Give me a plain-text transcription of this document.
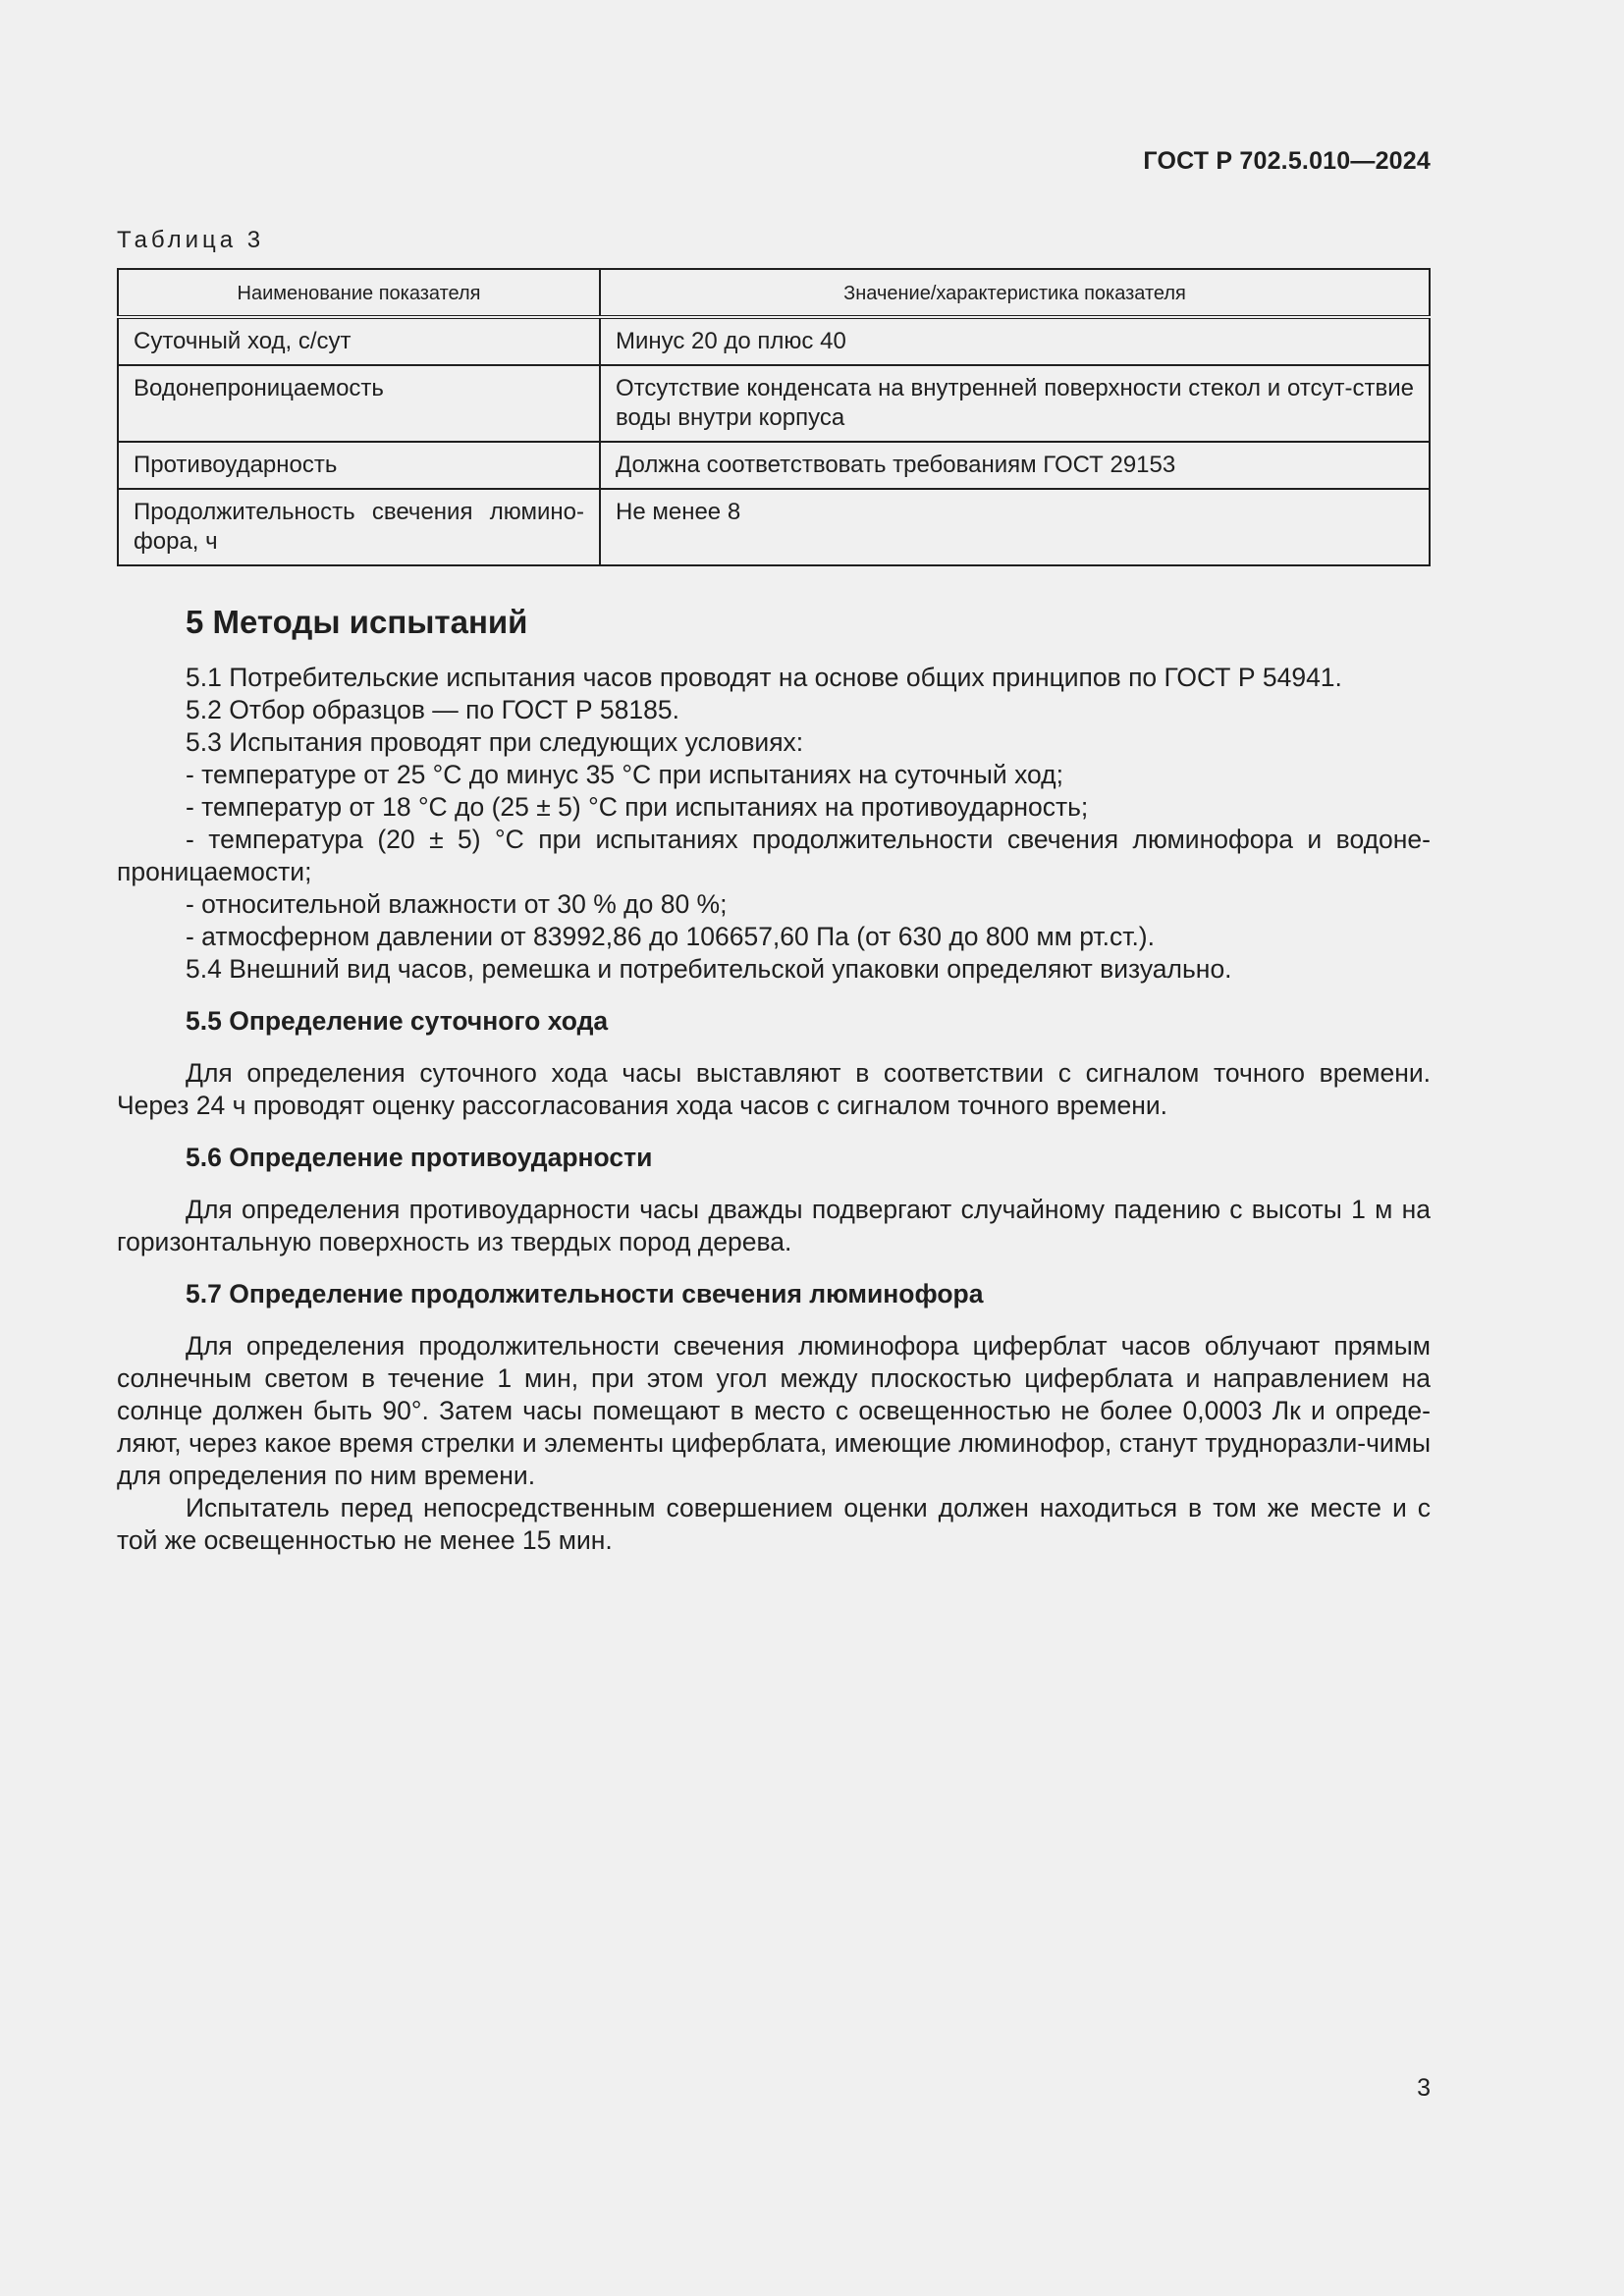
ГОСТ Р 702.5.010—2024
Таблица 3
Наименование показателя	Значение/характеристика показателя
Суточный ход, с/сут	Минус 20 до плюс 40
Водонепроницаемость	Отсутствие конденсата на внутренней поверхности стекол и отсут-ствие воды внутри корпуса
Противоударность	Должна соответствовать требованиям ГОСТ 29153
Продолжительность свечения люмино-фора, ч	Не менее 8
5 Методы испытаний

5.1 Потребительские испытания часов проводят на основе общих принципов по ГОСТ Р 54941.

5.2 Отбор образцов — по ГОСТ Р 58185.

5.3 Испытания проводят при следующих условиях:

- температуре от 25 °С до минус 35 °С при испытаниях на суточный ход;

- температур от 18 °С до (25 ± 5) °С при испытаниях на противоударность;

- температура (20 ± 5) °С при испытаниях продолжительности свечения люминофора и водоне-проницаемости;

- относительной влажности от 30 % до 80 %;

- атмосферном давлении от 83992,86 до 106657,60 Па (от 630 до 800 мм рт.ст.).

5.4 Внешний вид часов, ремешка и потребительской упаковки определяют визуально.

5.5 Определение суточного хода

Для определения суточного хода часы выставляют в соответствии с сигналом точного времени. Через 24 ч проводят оценку рассогласования хода часов с сигналом точного времени.

5.6 Определение противоударности

Для определения противоударности часы дважды подвергают случайному падению с высоты 1 м на горизонтальную поверхность из твердых пород дерева.

5.7 Определение продолжительности свечения люминофора

Для определения продолжительности свечения люминофора циферблат часов облучают прямым солнечным светом в течение 1 мин, при этом угол между плоскостью циферблата и направлением на солнце должен быть 90°. Затем часы помещают в место с освещенностью не более 0,0003 Лк и опреде-ляют, через какое время стрелки и элементы циферблата, имеющие люминофор, станут трудноразли-чимы для определения по ним времени.

Испытатель перед непосредственным совершением оценки должен находиться в том же месте и с той же освещенностью не менее 15 мин.

3
